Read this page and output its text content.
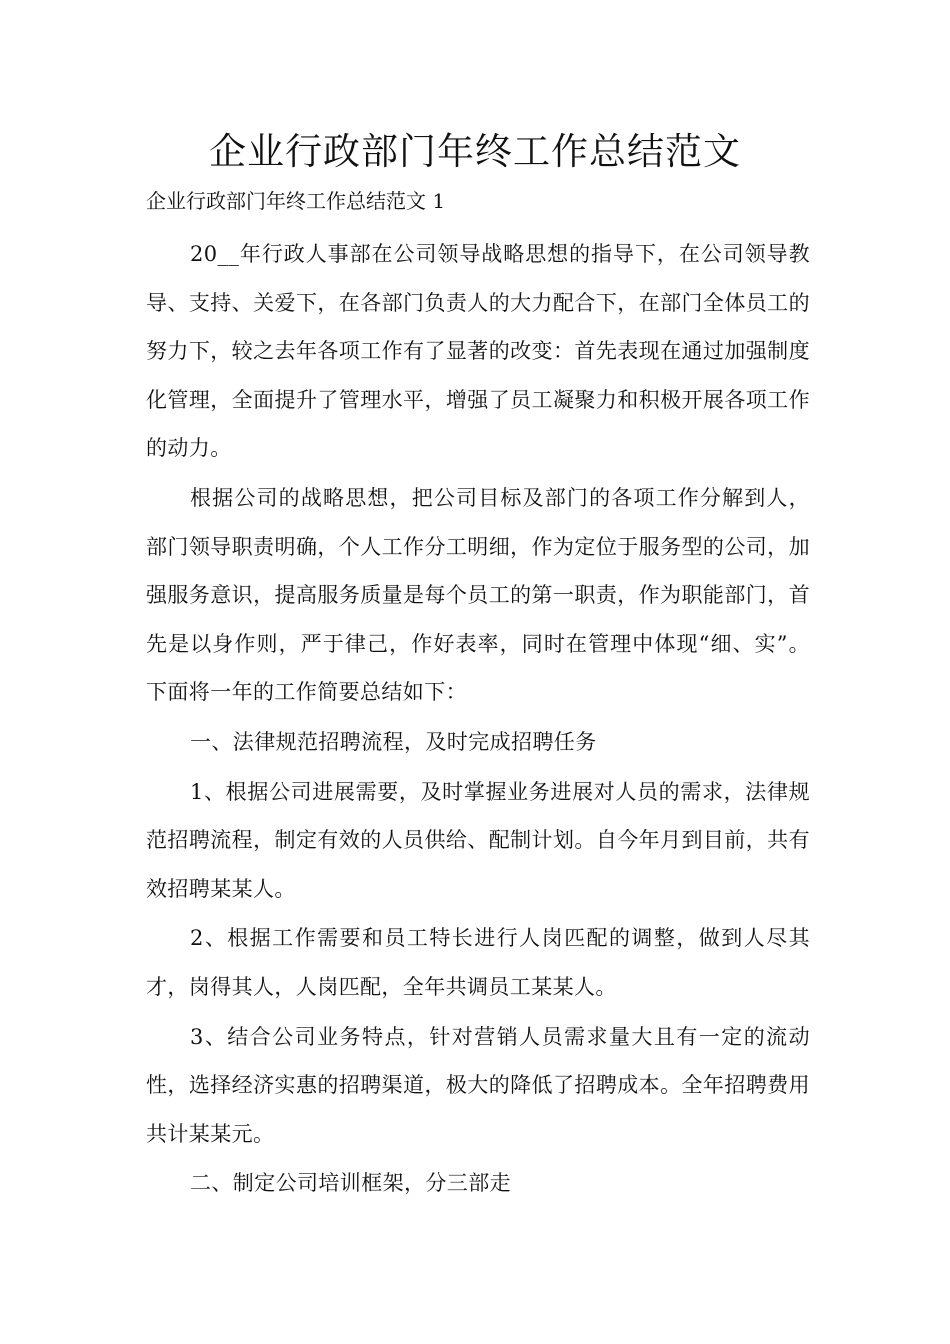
企业行政部门年终工作总结范文
企业行政部门年终工作总结范文 1

20__年行政人事部在公司领导战略思想的指导下，在公司领导教导、支持、关爱下，在各部门负责人的大力配合下，在部门全体员工的努力下，较之去年各项工作有了显著的改变：首先表现在通过加强制度化管理，全面提升了管理水平，增强了员工凝聚力和积极开展各项工作的动力。

根据公司的战略思想，把公司目标及部门的各项工作分解到人，部门领导职责明确，个人工作分工明细，作为定位于服务型的公司，加强服务意识，提高服务质量是每个员工的第一职责，作为职能部门，首先是以身作则，严于律己，作好表率，同时在管理中体现“细、实”。下面将一年的工作简要总结如下：

一、法律规范招聘流程，及时完成招聘任务

1、根据公司进展需要，及时掌握业务进展对人员的需求，法律规范招聘流程，制定有效的人员供给、配制计划。自今年月到目前，共有效招聘某某人。

2、根据工作需要和员工特长进行人岗匹配的调整，做到人尽其才，岗得其人，人岗匹配，全年共调员工某某人。

3、结合公司业务特点，针对营销人员需求量大且有一定的流动性，选择经济实惠的招聘渠道，极大的降低了招聘成本。全年招聘费用共计某某元。

二、制定公司培训框架，分三部走
